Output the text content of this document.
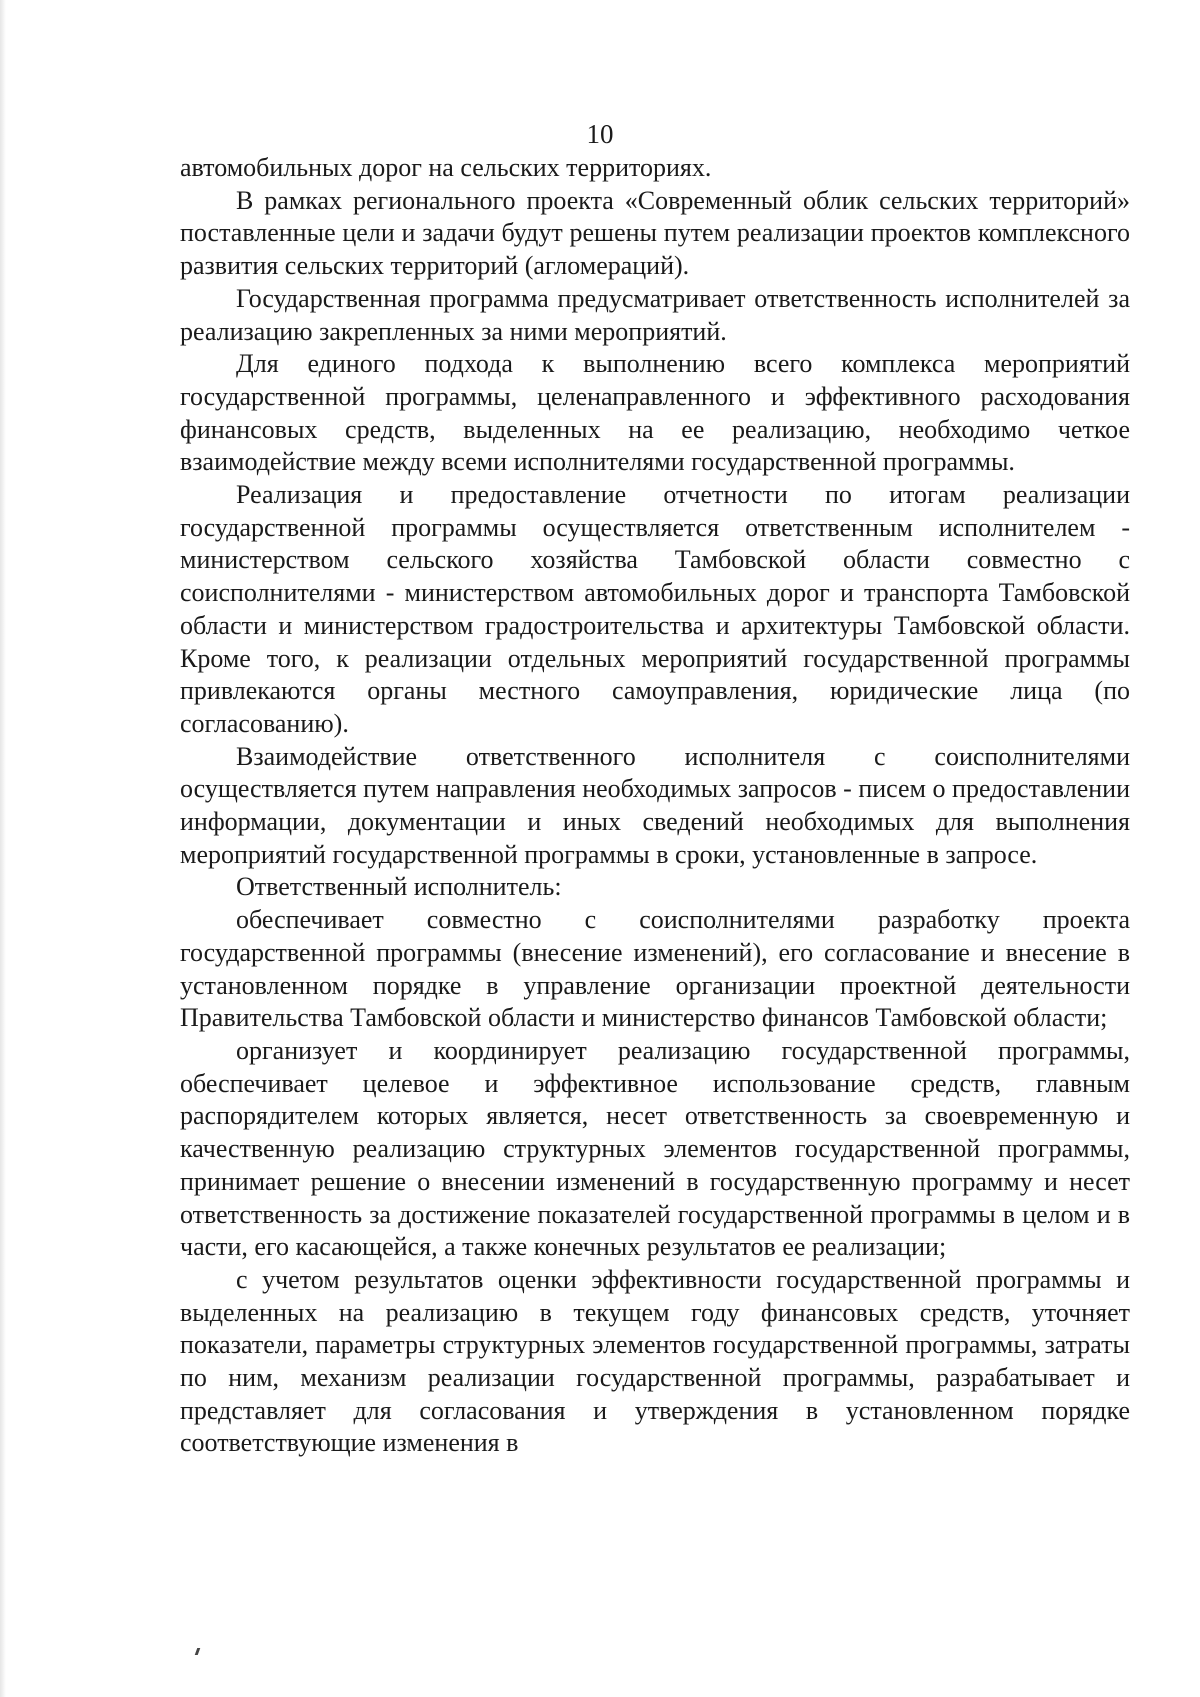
10

автомобильных дорог на сельских территориях.

В рамках регионального проекта «Современный облик сельских территорий» поставленные цели и задачи будут решены путем реализации проектов комплексного развития сельских территорий (агломераций).

Государственная программа предусматривает ответственность исполнителей за реализацию закрепленных за ними мероприятий.

Для единого подхода к выполнению всего комплекса мероприятий государственной программы, целенаправленного и эффективного расходования финансовых средств, выделенных на ее реализацию, необходимо четкое взаимодействие между всеми исполнителями государственной программы.

Реализация и предоставление отчетности по итогам реализации государственной программы осуществляется ответственным исполнителем - министерством сельского хозяйства Тамбовской области совместно с соисполнителями - министерством автомобильных дорог и транспорта Тамбовской области и министерством градостроительства и архитектуры Тамбовской области. Кроме того, к реализации отдельных мероприятий государственной программы привлекаются органы местного самоуправления, юридические лица (по согласованию).

Взаимодействие ответственного исполнителя с соисполнителями осуществляется путем направления необходимых запросов - писем о предоставлении информации, документации и иных сведений необходимых для выполнения мероприятий государственной программы в сроки, установленные в запросе.

Ответственный исполнитель:

обеспечивает совместно с соисполнителями разработку проекта государственной программы (внесение изменений), его согласование и внесение в установленном порядке в управление организации проектной деятельности Правительства Тамбовской области и министерство финансов Тамбовской области;

организует и координирует реализацию государственной программы, обеспечивает целевое и эффективное использование средств, главным распорядителем которых является, несет ответственность за своевременную и качественную реализацию структурных элементов государственной программы, принимает решение о внесении изменений в государственную программу и несет ответственность за достижение показателей государственной программы в целом и в части, его касающейся, а также конечных результатов ее реализации;

с учетом результатов оценки эффективности государственной программы и выделенных на реализацию в текущем году финансовых средств, уточняет показатели, параметры структурных элементов государственной программы, затраты по ним, механизм реализации государственной программы, разрабатывает и представляет для согласования и утверждения в установленном порядке соответствующие изменения в
